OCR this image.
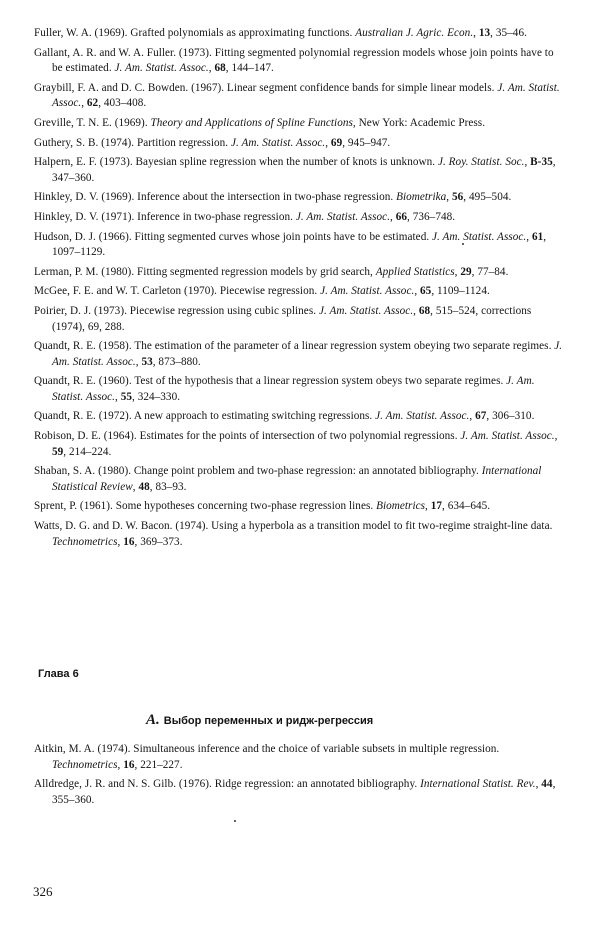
Fuller, W. A. (1969). Grafted polynomials as approximating functions. Australian J. Agric. Econ., 13, 35–46.

Gallant, A. R. and W. A. Fuller. (1973). Fitting segmented polynomial regression models whose join points have to be estimated. J. Am. Statist. Assoc., 68, 144–147.

Graybill, F. A. and D. C. Bowden. (1967). Linear segment confidence bands for simple linear models. J. Am. Statist. Assoc., 62, 403–408.

Greville, T. N. E. (1969). Theory and Applications of Spline Functions, New York: Academic Press.

Guthery, S. B. (1974). Partition regression. J. Am. Statist. Assoc., 69, 945–947.

Halpern, E. F. (1973). Bayesian spline regression when the number of knots is unknown. J. Roy. Statist. Soc., B-35, 347–360.

Hinkley, D. V. (1969). Inference about the intersection in two-phase regression. Biometrika, 56, 495–504.

Hinkley, D. V. (1971). Inference in two-phase regression. J. Am. Statist. Assoc., 66, 736–748.

Hudson, D. J. (1966). Fitting segmented curves whose join points have to be estimated. J. Am. Statist. Assoc., 61, 1097–1129.

Lerman, P. M. (1980). Fitting segmented regression models by grid search, Applied Statistics, 29, 77–84.

McGee, F. E. and W. T. Carleton (1970). Piecewise regression. J. Am. Statist. Assoc., 65, 1109–1124.

Poirier, D. J. (1973). Piecewise regression using cubic splines. J. Am. Statist. Assoc., 68, 515–524, corrections (1974), 69, 288.

Quandt, R. E. (1958). The estimation of the parameter of a linear regression system obeying two separate regimes. J. Am. Statist. Assoc., 53, 873–880.

Quandt, R. E. (1960). Test of the hypothesis that a linear regression system obeys two separate regimes. J. Am. Statist. Assoc., 55, 324–330.

Quandt, R. E. (1972). A new approach to estimating switching regressions. J. Am. Statist. Assoc., 67, 306–310.

Robison, D. E. (1964). Estimates for the points of intersection of two polynomial regressions. J. Am. Statist. Assoc., 59, 214–224.

Shaban, S. A. (1980). Change point problem and two-phase regression: an annotated bibliography. International Statistical Review, 48, 83–93.

Sprent, P. (1961). Some hypotheses concerning two-phase regression lines. Biometrics, 17, 634–645.

Watts, D. G. and D. W. Bacon. (1974). Using a hyperbola as a transition model to fit two-regime straight-line data. Technometrics, 16, 369–373.

Глава 6
A. Выбор переменных и ридж-регрессия

Aitkin, M. A. (1974). Simultaneous inference and the choice of variable subsets in multiple regression. Technometrics, 16, 221–227.

Alldredge, J. R. and N. S. Gilb. (1976). Ridge regression: an annotated bibliography. International Statist. Rev., 44, 355–360.

326
